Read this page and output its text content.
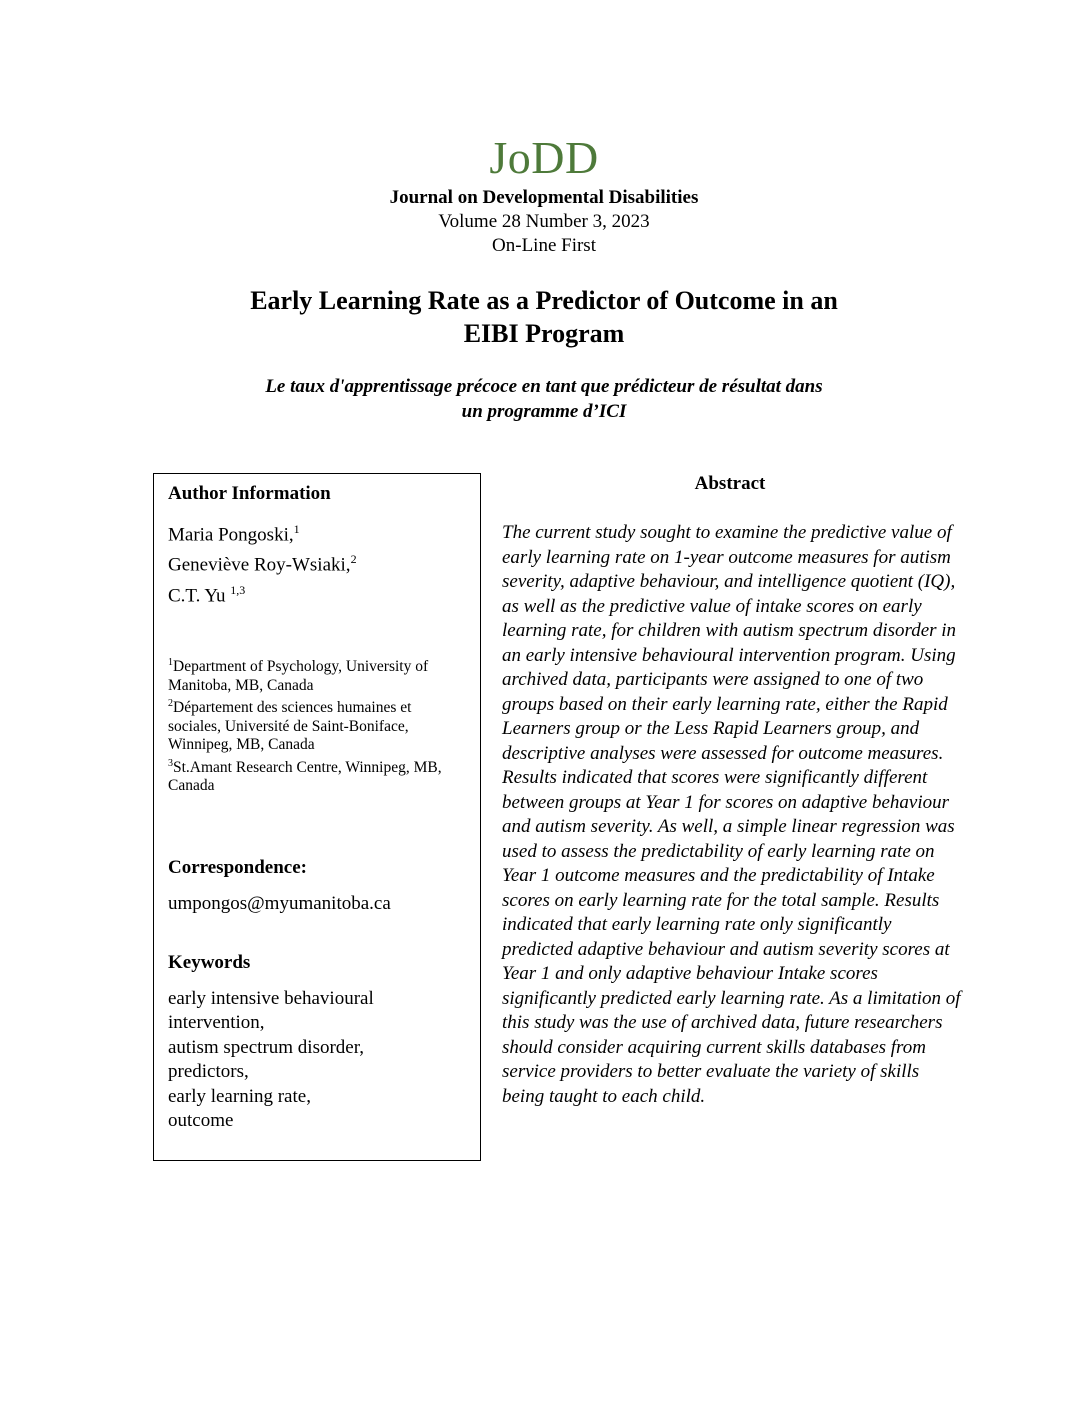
JoDD
Journal on Developmental Disabilities
Volume 28 Number 3, 2023
On-Line First
Early Learning Rate as a Predictor of Outcome in an
EIBI Program
Le taux d'apprentissage précoce en tant que prédicteur de résultat dans
un programme d’ICI
Author Information
Maria Pongoski,$^1$
Geneviève Roy-Wsiaki,$^2$
C.T. Yu $^{1,3}$
$^1$Department of Psychology, University of Manitoba, MB, Canada
$^2$Département des sciences humaines et sociales, Université de Saint-Boniface, Winnipeg, MB, Canada
$^3$St.Amant Research Centre, Winnipeg, MB, Canada
Correspondence:
umpongos@myumanitoba.ca
Keywords
early intensive behavioural intervention,
autism spectrum disorder,
predictors,
early learning rate,
outcome
Abstract
The current study sought to examine the predictive value of early learning rate on 1-year outcome measures for autism severity, adaptive behaviour, and intelligence quotient (IQ), as well as the predictive value of intake scores on early learning rate, for children with autism spectrum disorder in an early intensive behavioural intervention program. Using archived data, participants were assigned to one of two groups based on their early learning rate, either the Rapid Learners group or the Less Rapid Learners group, and descriptive analyses were assessed for outcome measures. Results indicated that scores were significantly different between groups at Year 1 for scores on adaptive behaviour and autism severity. As well, a simple linear regression was used to assess the predictability of early learning rate on Year 1 outcome measures and the predictability of Intake scores on early learning rate for the total sample. Results indicated that early learning rate only significantly predicted adaptive behaviour and autism severity scores at Year 1 and only adaptive behaviour Intake scores significantly predicted early learning rate. As a limitation of this study was the use of archived data, future researchers should consider acquiring current skills databases from service providers to better evaluate the variety of skills being taught to each child.
